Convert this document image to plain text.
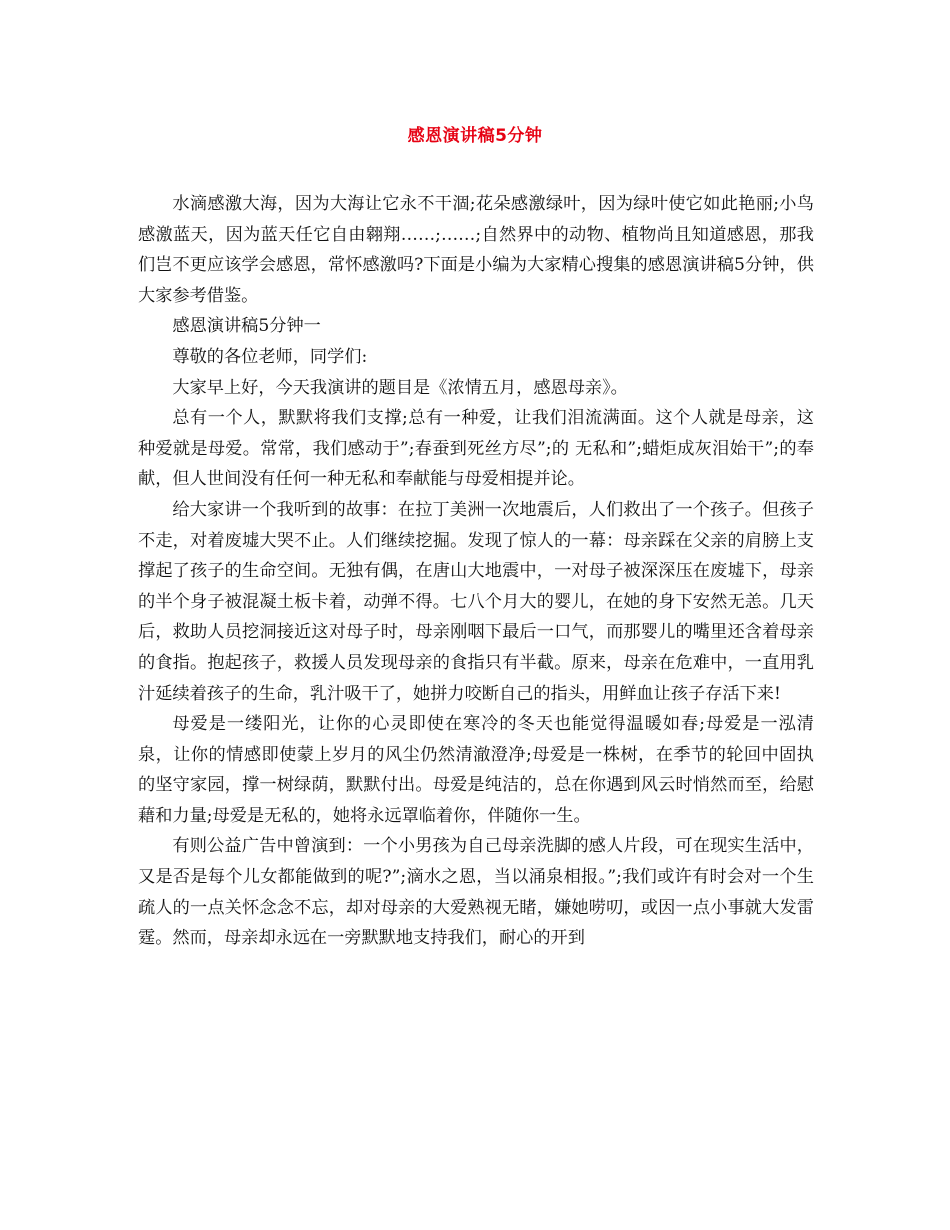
感恩演讲稿5分钟

水滴感激大海，因为大海让它永不干涸;花朵感激绿叶，因为绿叶使它如此艳丽;小鸟感激蓝天，因为蓝天任它自由翱翔……;……;自然界中的动物、植物尚且知道感恩，那我们岂不更应该学会感恩，常怀感激吗?下面是小编为大家精心搜集的感恩演讲稿5分钟，供大家参考借鉴。

感恩演讲稿5分钟一

尊敬的各位老师，同学们:

大家早上好，今天我演讲的题目是《浓情五月，感恩母亲》。

总有一个人，默默将我们支撑;总有一种爱，让我们泪流满面。这个人就是母亲，这种爱就是母爱。常常，我们感动于”;春蚕到死丝方尽”;的 无私和”;蜡炬成灰泪始干”;的奉献，但人世间没有任何一种无私和奉献能与母爱相提并论。

给大家讲一个我听到的故事：在拉丁美洲一次地震后，人们救出了一个孩子。但孩子不走，对着废墟大哭不止。人们继续挖掘。发现了惊人的一幕：母亲踩在父亲的肩膀上支撑起了孩子的生命空间。无独有偶，在唐山大地震中，一对母子被深深压在废墟下，母亲的半个身子被混凝土板卡着，动弹不得。七八个月大的婴儿，在她的身下安然无恙。几天后，救助人员挖洞接近这对母子时，母亲刚咽下最后一口气，而那婴儿的嘴里还含着母亲的食指。抱起孩子，救援人员发现母亲的食指只有半截。原来，母亲在危难中，一直用乳汁延续着孩子的生命，乳汁吸干了，她拼力咬断自己的指头，用鲜血让孩子存活下来!

母爱是一缕阳光，让你的心灵即使在寒冷的冬天也能觉得温暖如春;母爱是一泓清泉，让你的情感即使蒙上岁月的风尘仍然清澈澄净;母爱是一株树，在季节的轮回中固执的坚守家园，撑一树绿荫，默默付出。母爱是纯洁的，总在你遇到风云时悄然而至，给慰藉和力量;母爱是无私的，她将永远罩临着你，伴随你一生。

有则公益广告中曾演到：一个小男孩为自己母亲洗脚的感人片段，可在现实生活中，又是否是每个儿女都能做到的呢?”;滴水之恩，当以涌泉相报。”;我们或许有时会对一个生疏人的一点关怀念念不忘，却对母亲的大爱熟视无睹，嫌她唠叨，或因一点小事就大发雷霆。然而，母亲却永远在一旁默默地支持我们，耐心的开到
